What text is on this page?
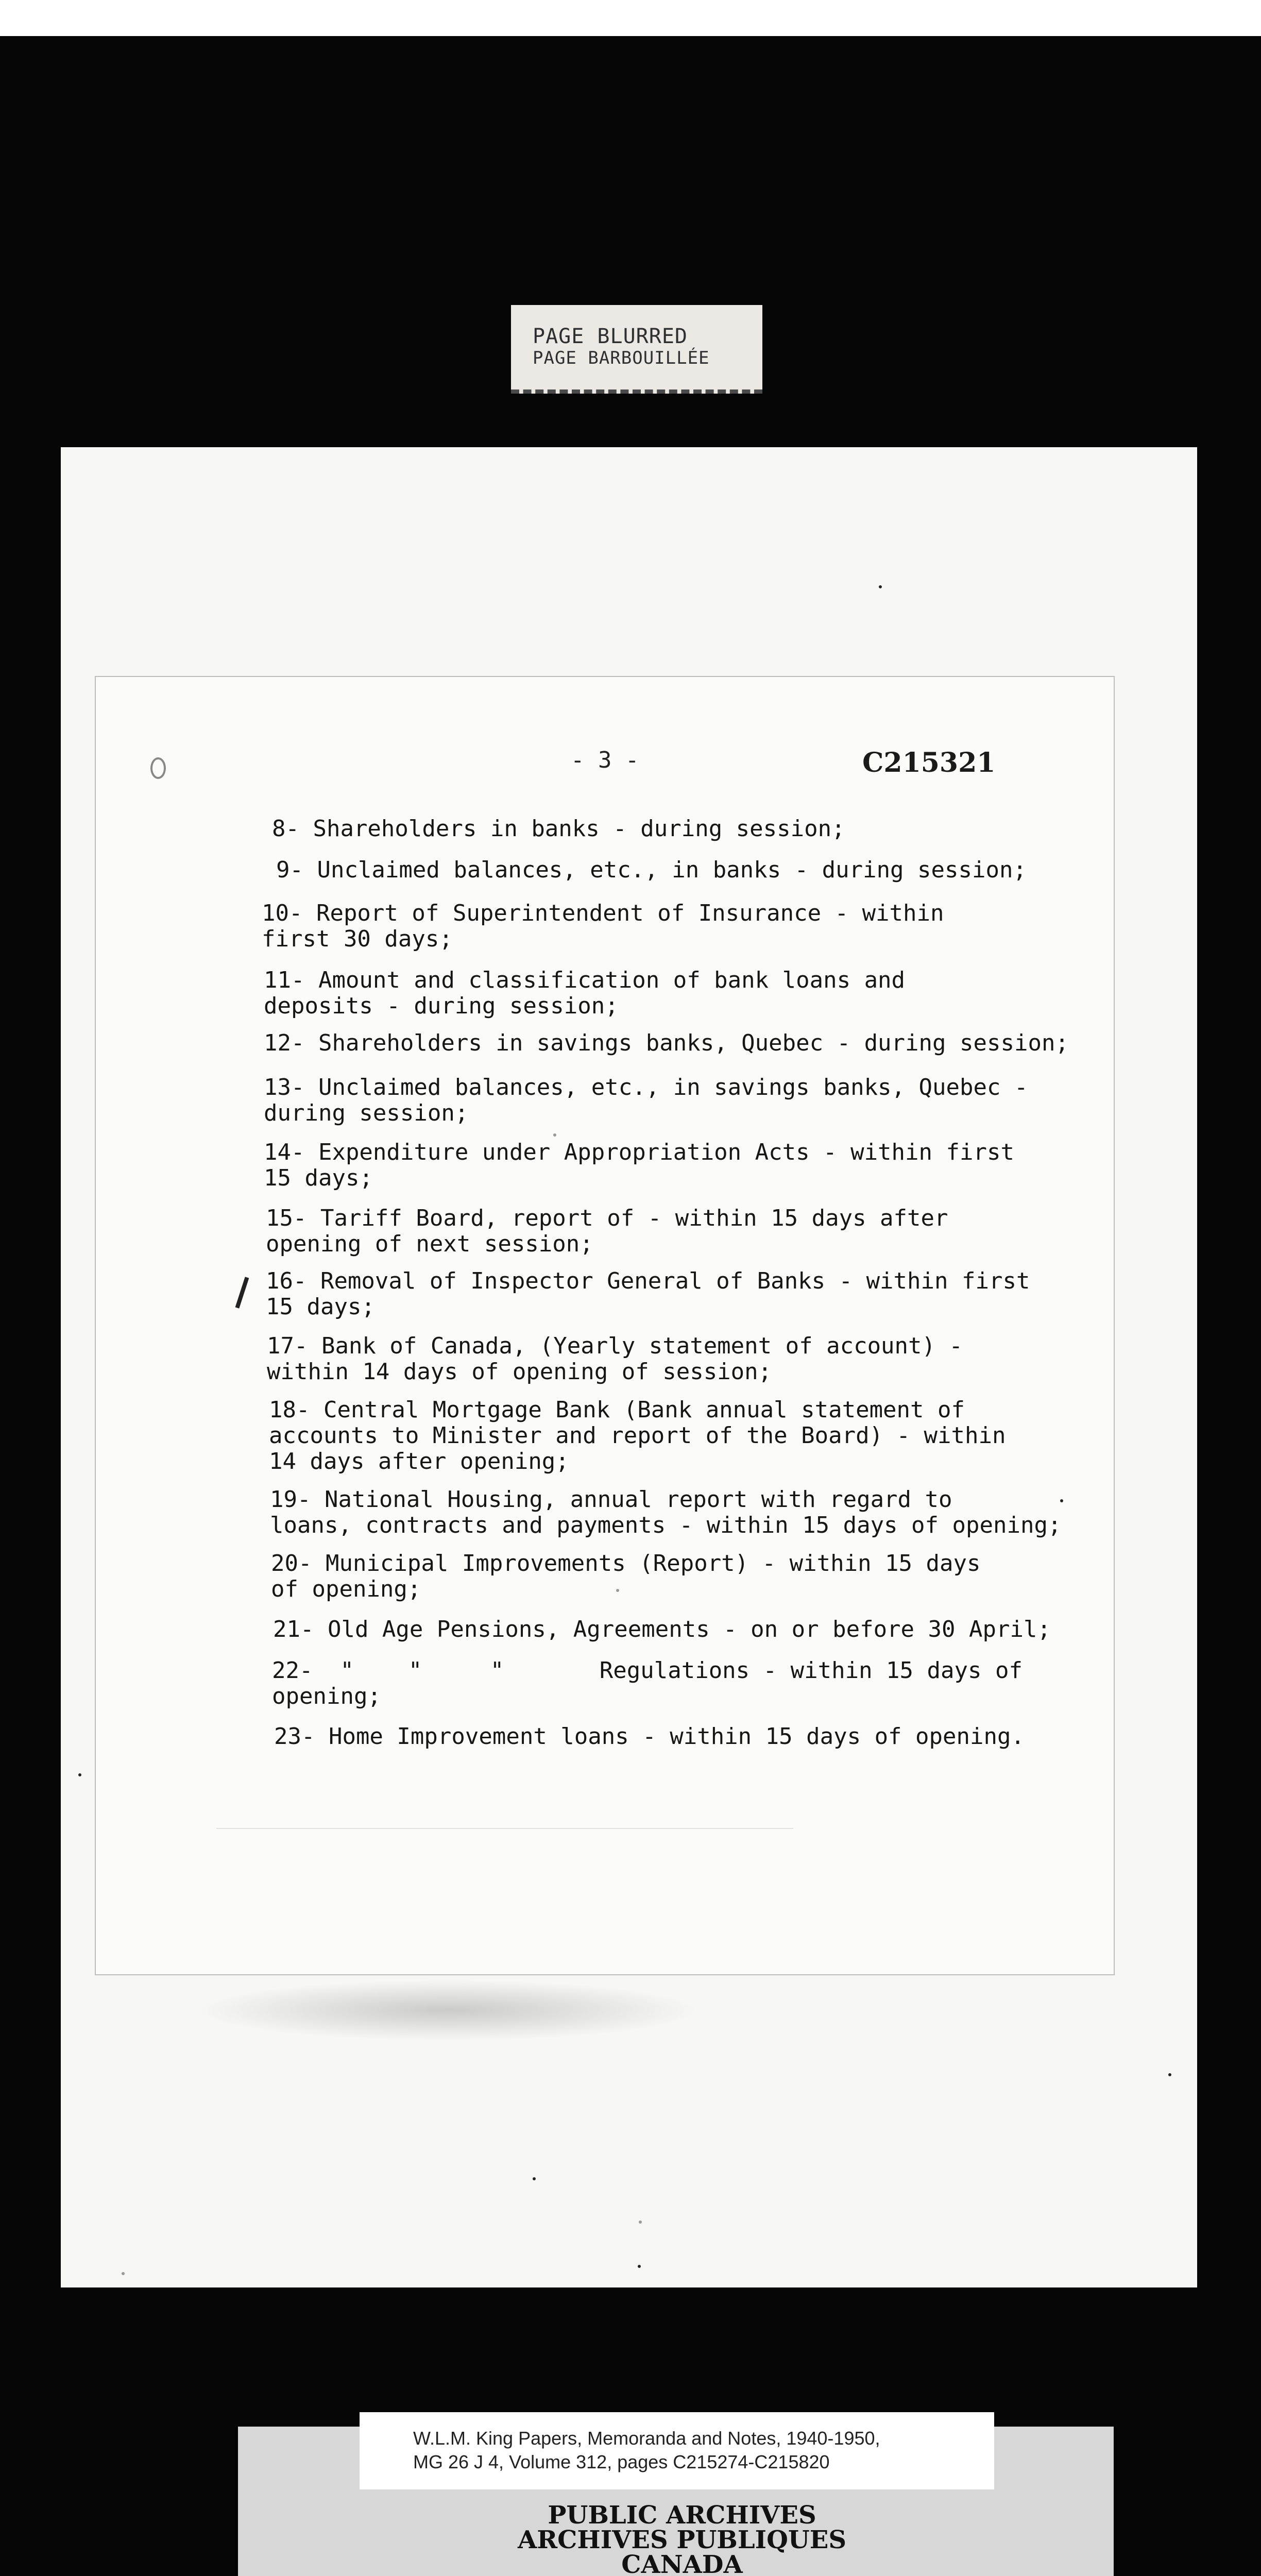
PAGE BLURRED
PAGE BARBOUILLÉE
- 3 -	C215321
8- Shareholders in banks - during session;
9- Unclaimed balances, etc., in banks - during session;
10- Report of Superintendent of Insurance - within
first 30 days;
11- Amount and classification of bank loans and
deposits - during session;
12- Shareholders in savings banks, Quebec - during session;
13- Unclaimed balances, etc., in savings banks, Quebec -
during session;
14- Expenditure under Appropriation Acts - within first
15 days;
15- Tariff Board, report of - within 15 days after
opening of next session;
16- Removal of Inspector General of Banks - within first
15 days;
17- Bank of Canada, (Yearly statement of account) -
within 14 days of opening of session;
18- Central Mortgage Bank (Bank annual statement of
accounts to Minister and report of the Board) - within
14 days after opening;
19- National Housing, annual report with regard to
loans, contracts and payments - within 15 days of opening;
20- Municipal Improvements (Report) - within 15 days
of opening;
21- Old Age Pensions, Agreements - on or before 30 April;
22-  "    "     "       Regulations - within 15 days of
opening;
23- Home Improvement loans - within 15 days of opening.
W.L.M. King Papers, Memoranda and Notes, 1940-1950,
MG 26 J 4, Volume 312, pages C215274-C215820
PUBLIC ARCHIVES
ARCHIVES PUBLIQUES
CANADA
